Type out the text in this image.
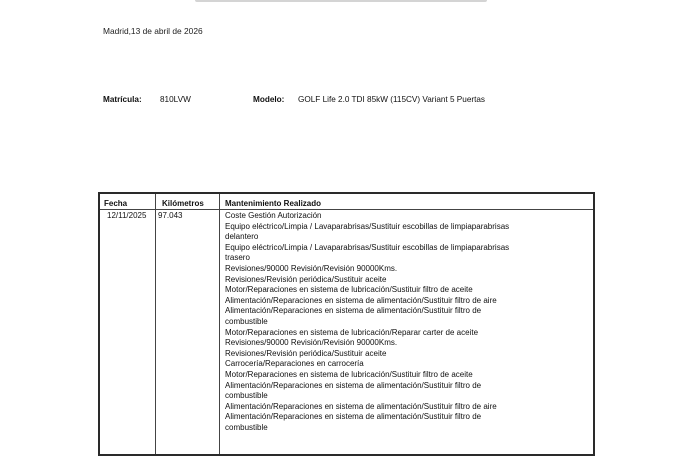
Madrid,13 de abril de 2026
Matrícula: 810LVW	Modelo: GOLF Life 2.0 TDI 85kW (115CV) Variant 5 Puertas
Fecha	Kilómetros	Mantenimiento Realizado
12/11/2025 97.043	Coste Gestión Autorización
Equipo eléctrico/Limpia / Lavaparabrisas/Sustituir escobillas de limpiaparabrisas
delantero
Equipo eléctrico/Limpia / Lavaparabrisas/Sustituir escobillas de limpiaparabrisas
trasero
Revisiones/90000 Revisión/Revisión 90000Kms.
Revisiones/Revisión periódica/Sustituir aceite
Motor/Reparaciones en sistema de lubricación/Sustituir filtro de aceite
Alimentación/Reparaciones en sistema de alimentación/Sustituir filtro de aire
Alimentación/Reparaciones en sistema de alimentación/Sustituir filtro de
combustible
Motor/Reparaciones en sistema de lubricación/Reparar carter de aceite
Revisiones/90000 Revisión/Revisión 90000Kms.
Revisiones/Revisión periódica/Sustituir aceite
Carrocería/Reparaciones en carrocería
Motor/Reparaciones en sistema de lubricación/Sustituir filtro de aceite
Alimentación/Reparaciones en sistema de alimentación/Sustituir filtro de
combustible
Alimentación/Reparaciones en sistema de alimentación/Sustituir filtro de aire
Alimentación/Reparaciones en sistema de alimentación/Sustituir filtro de
combustible
